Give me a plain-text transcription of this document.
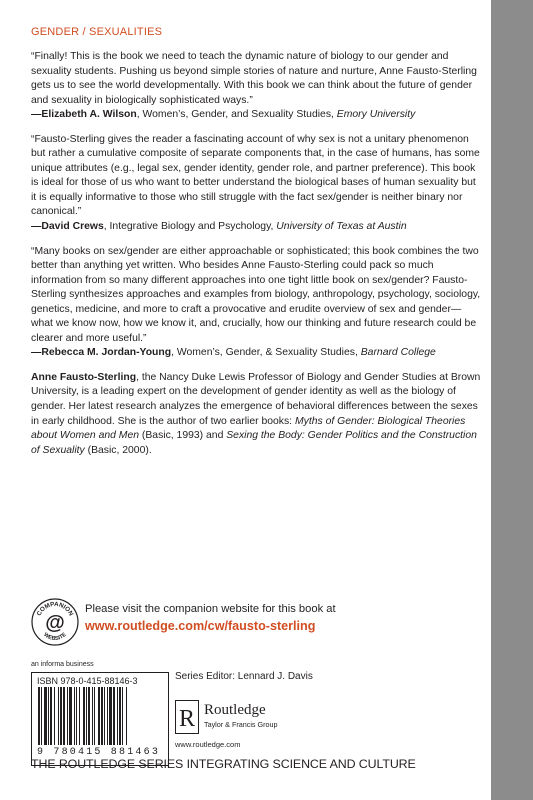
GENDER / SEXUALITIES

“Finally! This is the book we need to teach the dynamic nature of biology to our gender and sexuality students. Pushing us beyond simple stories of nature and nurture, Anne Fausto-Sterling gets us to see the world developmentally. With this book we can think about the future of gender and sexuality in biologically sophisticated ways.”

—Elizabeth A. Wilson, Women’s, Gender, and Sexuality Studies, Emory University

“Fausto-Sterling gives the reader a fascinating account of why sex is not a unitary phenomenon but rather a cumulative composite of separate components that, in the case of humans, has some unique attributes (e.g., legal sex, gender identity, gender role, and partner preference). This book is ideal for those of us who want to better understand the biological bases of human sexuality but it is equally informative to those who still struggle with the fact sex/gender is neither binary nor canonical.”

—David Crews, Integrative Biology and Psychology, University of Texas at Austin

“Many books on sex/gender are either approachable or sophisticated; this book combines the two better than anything yet written. Who besides Anne Fausto-Sterling could pack so much information from so many different approaches into one tight little book on sex/gender? Fausto-Sterling synthesizes approaches and examples from biology, anthropology, psychology, sociology, genetics, medicine, and more to craft a provocative and erudite overview of sex and gender—what we know now, how we know it, and, crucially, how our thinking and future research could be clearer and more useful.”

—Rebecca M. Jordan-Young, Women’s, Gender, & Sexuality Studies, Barnard College

Anne Fausto-Sterling, the Nancy Duke Lewis Professor of Biology and Gender Studies at Brown University, is a leading expert on the development of gender identity as well as the biology of gender. Her latest research analyzes the emergence of behavioral differences between the sexes in early childhood. She is the author of two earlier books: Myths of Gender: Biological Theories about Women and Men (Basic, 1993) and Sexing the Body: Gender Politics and the Construction of Sexuality (Basic, 2000).

COMPANION
WEBSITE
@
Please visit the companion website for this book at
www.routledge.com/cw/fausto-sterling
an informa business
ISBN 978-0-415-88146-3
9 780415 881463
Series Editor: Lennard J. Davis
R Routledge
Taylor & Francis Group
www.routledge.com
THE ROUTLEDGE SERIES INTEGRATING SCIENCE AND CULTURE
